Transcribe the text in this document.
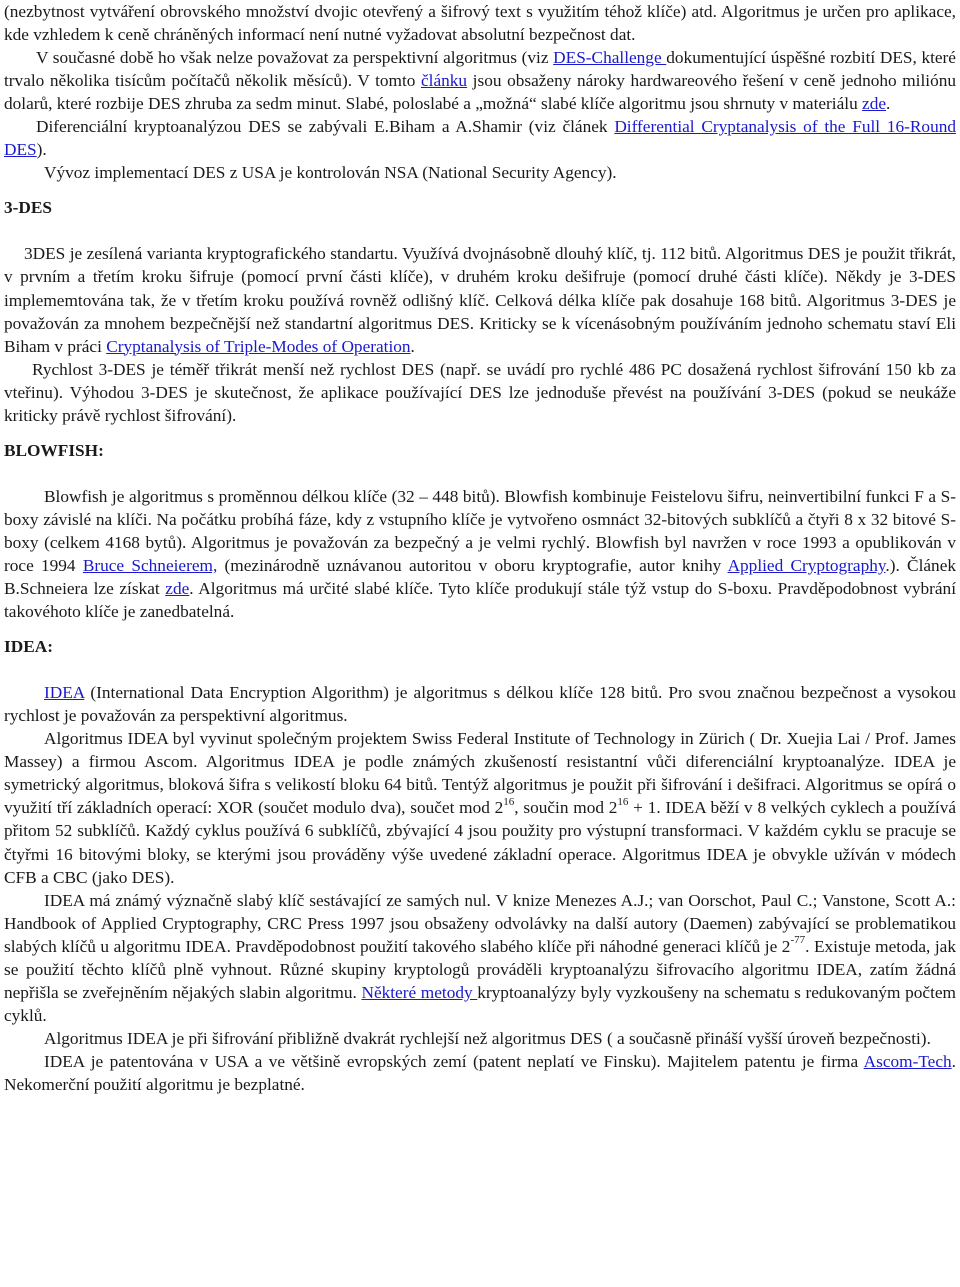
(nezbytnost vytváření obrovského množství dvojic otevřený a šifrový text s využitím téhož klíče) atd. Algoritmus je určen pro aplikace, kde vzhledem k ceně chráněných informací není nutné vyžadovat absolutní bezpečnost dat.

V současné době ho však nelze považovat za perspektivní algoritmus (viz DES-Challenge dokumentující úspěšné rozbití DES, které trvalo několika tisícům počítačů několik měsíců). V tomto článku jsou obsaženy nároky hardwareového řešení v ceně jednoho miliónu dolarů, které rozbije DES zhruba za sedm minut. Slabé, poloslabé a „možná“ slabé klíče algoritmu jsou shrnuty v materiálu zde.

Diferenciální kryptoanalýzou DES se zabývali E.Biham a A.Shamir (viz článek Differential Cryptanalysis of the Full 16-Round DES).

Vývoz implementací DES z USA je kontrolován NSA (National Security Agency).

3-DES

3DES je zesílená varianta kryptografického standartu. Využívá dvojnásobně dlouhý klíč, tj. 112 bitů. Algoritmus DES je použit třikrát, v prvním a třetím kroku šifruje (pomocí první části klíče), v druhém kroku dešifruje (pomocí druhé části klíče). Někdy je 3-DES implememtována tak, že v třetím kroku používá rovněž odlišný klíč. Celková délka klíče pak dosahuje 168 bitů. Algoritmus 3-DES je považován za mnohem bezpečnější než standartní algoritmus DES. Kriticky se k vícenásobným používáním jednoho schematu staví Eli Biham v práci Cryptanalysis of Triple-Modes of Operation.

Rychlost 3-DES je téměř třikrát menší než rychlost DES (např. se uvádí pro rychlé 486 PC dosažená rychlost šifrování 150 kb za vteřinu). Výhodou 3-DES je skutečnost, že aplikace používající DES lze jednoduše převést na používání 3-DES (pokud se neukáže kriticky právě rychlost šifrování).

BLOWFISH:

Blowfish je algoritmus s proměnnou délkou klíče (32 – 448 bitů). Blowfish kombinuje Feistelovu šifru, neinvertibilní funkci F a S-boxy závislé na klíči. Na počátku probíhá fáze, kdy z vstupního klíče je vytvořeno osmnáct 32-bitových subklíčů a čtyři 8 x 32 bitové S-boxy (celkem 4168 bytů). Algoritmus je považován za bezpečný a je velmi rychlý. Blowfish byl navržen v roce 1993 a opublikován v roce 1994 Bruce Schneierem, (mezinárodně uznávanou autoritou v oboru kryptografie, autor knihy Applied Cryptography.). Článek B.Schneiera lze získat zde. Algoritmus má určité slabé klíče. Tyto klíče produkují stále týž vstup do S-boxu. Pravděpodobnost vybrání takovéhoto klíče je zanedbatelná.

IDEA:

IDEA (International Data Encryption Algorithm) je algoritmus s délkou klíče 128 bitů. Pro svou značnou bezpečnost a vysokou rychlost je považován za perspektivní algoritmus.

Algoritmus IDEA byl vyvinut společným projektem Swiss Federal Institute of Technology in Zürich ( Dr. Xuejia Lai / Prof. James Massey) a firmou Ascom. Algoritmus IDEA je podle známých zkušeností resistantní vůči diferenciální kryptoanalýze. IDEA je symetrický algoritmus, bloková šifra s velikostí bloku 64 bitů. Tentýž algoritmus je použit při šifrování i dešifraci. Algoritmus se opírá o využití tří základních operací: XOR (součet modulo dva), součet mod $2^{16}$, součin mod $2^{16} + 1$. IDEA běží v 8 velkých cyklech a používá přitom 52 subklíčů. Každý cyklus používá 6 subklíčů, zbývající 4 jsou použity pro výstupní transformaci. V každém cyklu se pracuje se čtyřmi 16 bitovými bloky, se kterými jsou prováděny výše uvedené základní operace. Algoritmus IDEA je obvykle užíván v módech CFB a CBC (jako DES).

IDEA má známý význačně slabý klíč sestávající ze samých nul. V knize Menezes A.J.; van Oorschot, Paul C.; Vanstone, Scott A.: Handbook of Applied Cryptography, CRC Press 1997 jsou obsaženy odvolávky na další autory (Daemen) zabývající se problematikou slabých klíčů u algoritmu IDEA. Pravděpodobnost použití takového slabého klíče při náhodné generaci klíčů je $2^{-77}$. Existuje metoda, jak se použití těchto klíčů plně vyhnout. Různé skupiny kryptologů prováděli kryptoanalýzu šifrovacího algoritmu IDEA, zatím žádná nepřišla se zveřejněním nějakých slabin algoritmu. Některé metody kryptoanalýzy byly vyzkoušeny na schematu s redukovaným počtem cyklů.

Algoritmus IDEA je při šifrování přibližně dvakrát rychlejší než algoritmus DES ( a současně přináší vyšší úroveň bezpečnosti).

IDEA je patentována v USA a ve většině evropských zemí (patent neplatí ve Finsku). Majitelem patentu je firma Ascom-Tech. Nekomerční použití algoritmu je bezplatné.
